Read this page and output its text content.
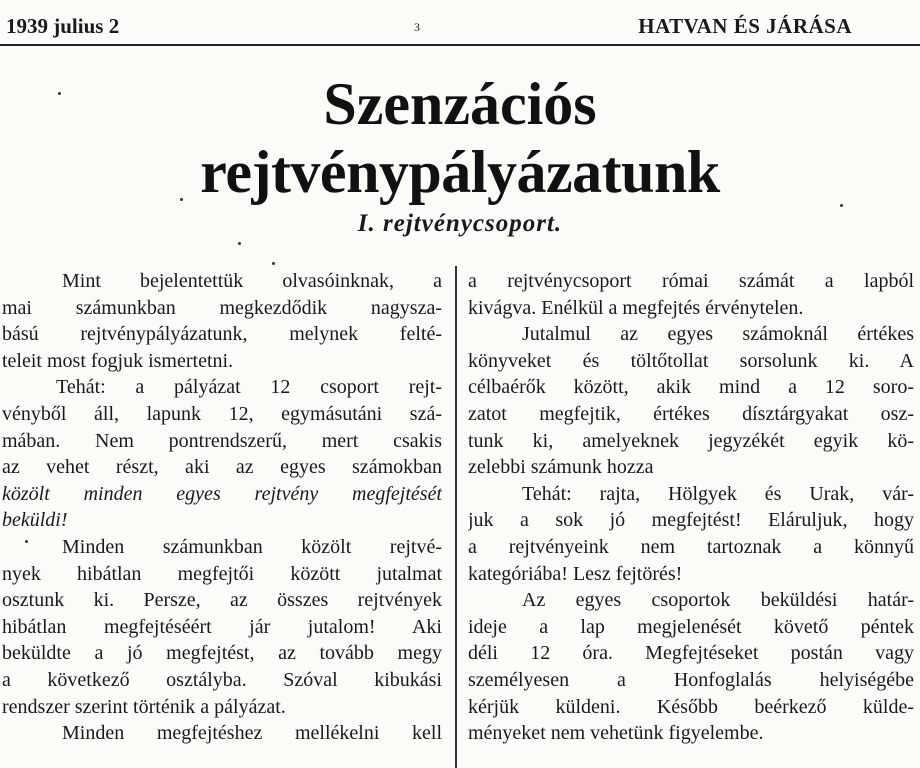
1939 julius 2	3	HATVAN ÉS JÁRÁSA
Szenzációs
rejtvénypályázatunk
I. rejtvénycsoport.
Mint bejelentettük olvasóinknak, a
mai számunkban megkezdődik nagysza-
bású rejtvénypályázatunk, melynek felté-
teleit most fogjuk ismertetni.
Tehát: a pályázat 12 csoport rejt-
vényből áll, lapunk 12, egymásutáni szá-
mában. Nem pontrendszerű, mert csakis
az vehet részt, aki az egyes számokban
közölt minden egyes rejtvény megfejtését
beküldi!
Minden számunkban közölt rejtvé-
nyek hibátlan megfejtői között jutalmat
osztunk ki. Persze, az összes rejtvények
hibátlan megfejtéséért jár jutalom! Aki
beküldte a jó megfejtést, az tovább megy
a következő osztályba. Szóval kibukási
rendszer szerint történik a pályázat.
Minden megfejtéshez mellékelni kell
a rejtvénycsoport római számát a lapból
kivágva. Enélkül a megfejtés érvénytelen.
Jutalmul az egyes számoknál értékes
könyveket és töltőtollat sorsolunk ki. A
célbaérők között, akik mind a 12 soro-
zatot megfejtik, értékes dísztárgyakat osz-
tunk ki, amelyeknek jegyzékét egyik kö-
zelebbi számunk hozza
Tehát: rajta, Hölgyek és Urak, vár-
juk a sok jó megfejtést! Eláruljuk, hogy
a rejtvényeink nem tartoznak a könnyű
kategóriába! Lesz fejtörés!
Az egyes csoportok beküldési határ-
ideje a lap megjelenését követő péntek
déli 12 óra. Megfejtéseket postán vagy
személyesen a Honfoglalás helyiségébe
kérjük küldeni. Később beérkező külde-
ményeket nem vehetünk figyelembe.
